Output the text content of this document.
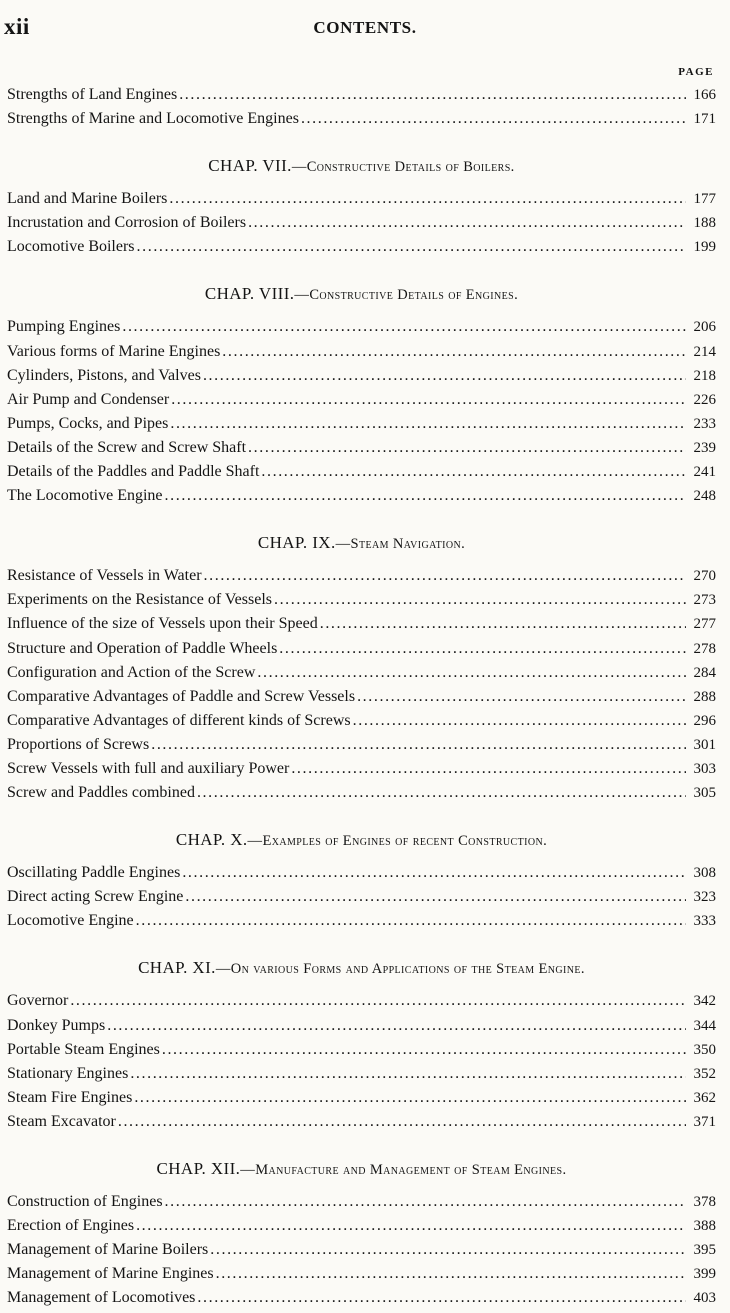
xii	CONTENTS.
PAGE
Strengths of Land Engines .....	166
Strengths of Marine and Locomotive Engines .....	171
CHAP. VII.—Constructive Details of Boilers.
Land and Marine Boilers .....	177
Incrustation and Corrosion of Boilers .....	188
Locomotive Boilers .....	199
CHAP. VIII.—Constructive Details of Engines.
Pumping Engines .....	206
Various forms of Marine Engines .....	214
Cylinders, Pistons, and Valves .....	218
Air Pump and Condenser .....	226
Pumps, Cocks, and Pipes .....	233
Details of the Screw and Screw Shaft .....	239
Details of the Paddles and Paddle Shaft .....	241
The Locomotive Engine .....	248
CHAP. IX.—Steam Navigation.
Resistance of Vessels in Water .....	270
Experiments on the Resistance of Vessels .....	273
Influence of the size of Vessels upon their Speed .....	277
Structure and Operation of Paddle Wheels .....	278
Configuration and Action of the Screw .....	284
Comparative Advantages of Paddle and Screw Vessels .....	288
Comparative Advantages of different kinds of Screws .....	296
Proportions of Screws .....	301
Screw Vessels with full and auxiliary Power .....	303
Screw and Paddles combined .....	305
CHAP. X.—Examples of Engines of recent Construction.
Oscillating Paddle Engines .....	308
Direct acting Screw Engine .....	323
Locomotive Engine .....	333
CHAP. XI.—On various Forms and Applications of the Steam Engine.
Governor .....	342
Donkey Pumps .....	344
Portable Steam Engines .....	350
Stationary Engines .....	352
Steam Fire Engines .....	362
Steam Excavator .....	371
CHAP. XII.—Manufacture and Management of Steam Engines.
Construction of Engines .....	378
Erection of Engines .....	388
Management of Marine Boilers .....	395
Management of Marine Engines .....	399
Management of Locomotives .....	403
